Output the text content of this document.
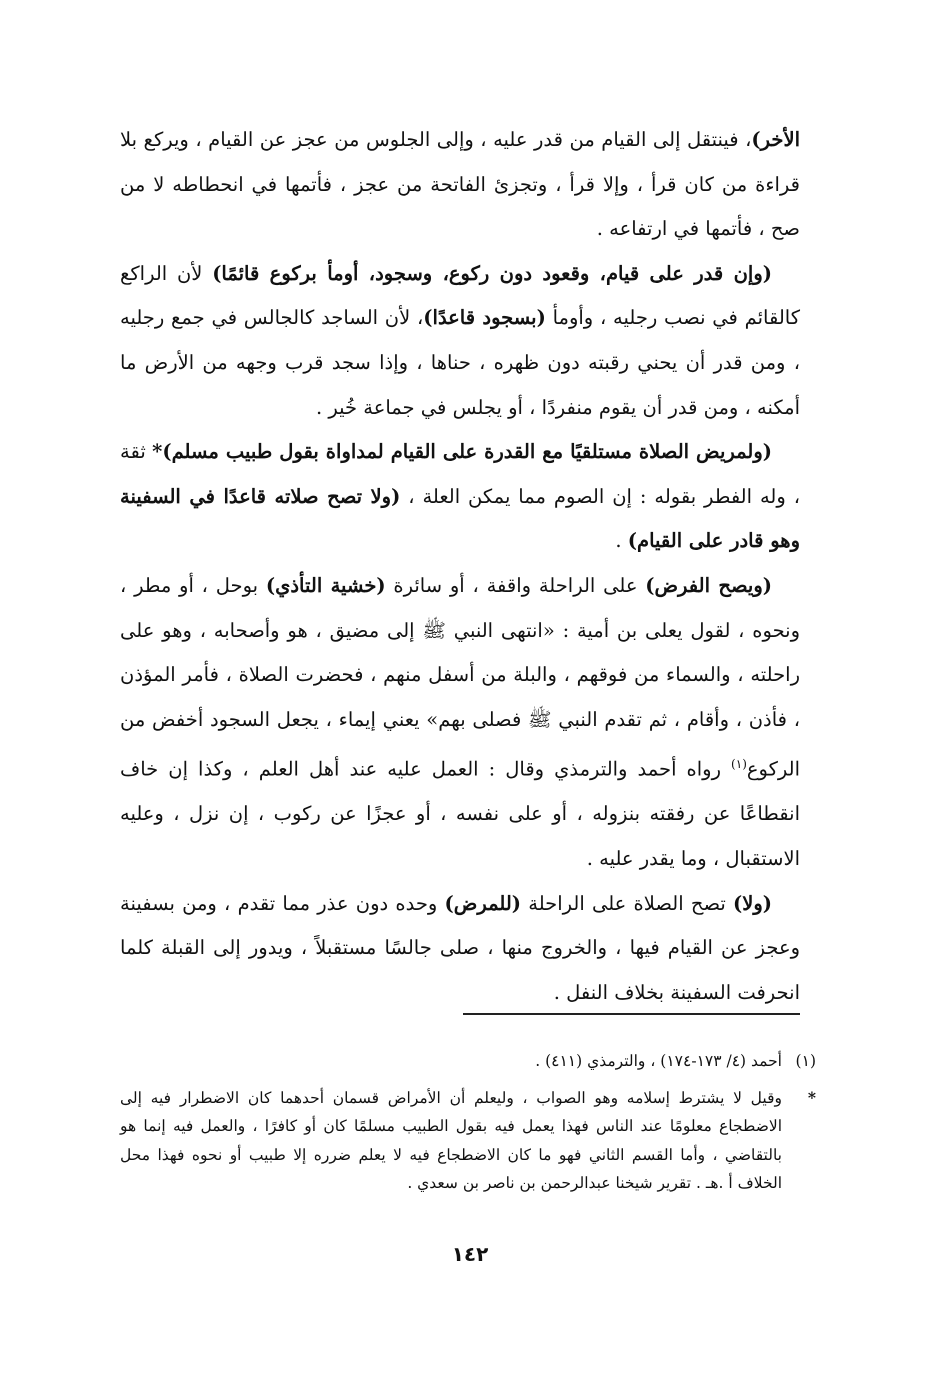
الأخر)، فينتقل إلى القيام من قدر عليه ، وإلى الجلوس من عجز عن القيام ، ويركع بلا قراءة من كان قرأ ، وإلا قرأ ، وتجزئ الفاتحة من عجز ، فأتمها في انحطاطه لا من صح ، فأتمها في ارتفاعه .

(وإن قدر على قيام، وقعود دون ركوع، وسجود، أومأ بركوع قائمًا) لأن الراكع كالقائم في نصب رجليه ، وأومأ (بسجود قاعدًا)، لأن الساجد كالجالس في جمع رجليه ، ومن قدر أن يحني رقبته دون ظهره ، حناها ، وإذا سجد قرب وجهه من الأرض ما أمكنه ، ومن قدر أن يقوم منفردًا ، أو يجلس في جماعة خُير .

(ولمريض الصلاة مستلقيًا مع القدرة على القيام لمداواة بقول طبيب مسلم)* ثقة ، وله الفطر بقوله : إن الصوم مما يمكن العلة ، (ولا تصح صلاته قاعدًا في السفينة وهو قادر على القيام) .

(ويصح الفرض) على الراحلة واقفة ، أو سائرة (خشية التأذي) بوحل ، أو مطر ، ونحوه ، لقول يعلى بن أمية : «انتهى النبي ﷺ إلى مضيق ، هو وأصحابه ، وهو على راحلته ، والسماء من فوقهم ، والبلة من أسفل منهم ، فحضرت الصلاة ، فأمر المؤذن ، فأذن ، وأقام ، ثم تقدم النبي ﷺ فصلى بهم» يعني إيماء ، يجعل السجود أخفض من الركوع$^{(١)}$ رواه أحمد والترمذي وقال : العمل عليه عند أهل العلم ، وكذا إن خاف انقطاعًا عن رفقته بنزوله ، أو على نفسه ، أو عجزًا عن ركوب ، إن نزل ، وعليه الاستقبال ، وما يقدر عليه .

(ولا) تصح الصلاة على الراحلة (للمرض) وحده دون عذر مما تقدم ، ومن بسفينة وعجز عن القيام فيها ، والخروج منها ، صلى جالسًا مستقبلاً ، ويدور إلى القبلة كلما انحرفت السفينة بخلاف النفل .

(١)
أحمد (٤/ ١٧٣-١٧٤) ، والترمذي (٤١١) .
*
وقيل لا يشترط إسلامه وهو الصواب ، وليعلم أن الأمراض قسمان أحدهما كان الاضطرار فيه إلى الاضطجاع معلومًا عند الناس فهذا يعمل فيه بقول الطبيب مسلمًا كان أو كافرًا ، والعمل فيه إنما هو بالتقاضي ، وأما القسم الثاني فهو ما كان الاضطجاع فيه لا يعلم ضرره إلا طبيب أو نحوه فهذا محل الخلاف أ .هـ . تقرير شيخنا عبدالرحمن بن ناصر بن سعدي .
١٤٢
